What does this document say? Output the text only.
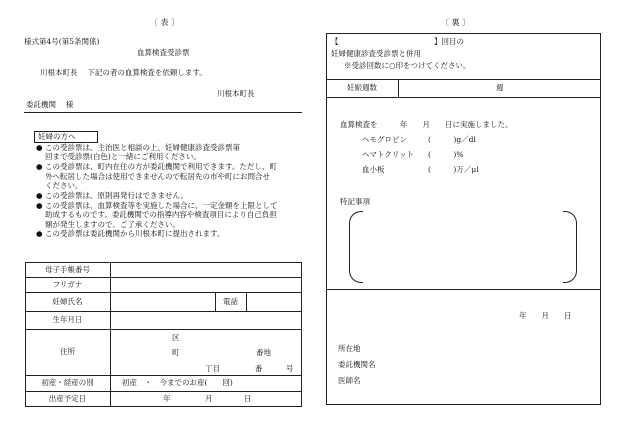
〔 表 〕
様式第4号(第5条関係)
血算検査受診票
川根本町長　 下記の者の血算検査を依頼します。
川根本町長
委託機関　 様
妊婦の方へ
● この受診票は、主治医と相談の上、妊婦健康診査受診票第
回まで受診票(白色)と一緒にご利用ください。
● この受診票は、町内在住の方が委託機関で利用できます。ただし、町
外へ転居した場合は使用できませんので転居先の市や町にお問合せ
ください。
● この受診票は、原則再発行はできません。
● この受診票は、血算検査等を実施した場合に、一定金額を上限として
助成するものです。委託機関での指導内容や検査項目により自己負担
額が発生しますので、ご了承ください。
● この受診票は委託機関から川根本町に提出されます。
母子手帳番号
フリガナ
妊婦氏名	電話
生年月日
住所
区
町	番地
丁目	番	号
初産・経産の別	初産　・　今までのお産(　　回)
出産予定日	年	月	日
〔 裏 〕
【	】回目の
妊婦健康診査受診票と併用
※受診回数に○印をつけてください。
妊娠週数	週
血算検査を　　　年　　月　　日に実施しました。
ヘモグロビン	(　　　)g／dl
ヘマトクリット (　　　)%
血小板	(　　　)万／μl
特記事項
年　　月　　日
所在地
委託機関名
医師名
